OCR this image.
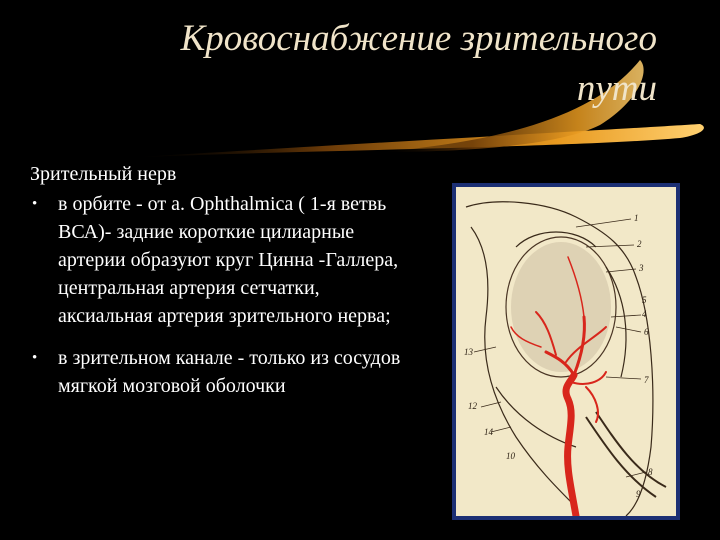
Кровоснабжение зрительного
пути
Зрительный нерв
• в орбите - от а. Ophthalmica ( 1-я ветвь ВСА)- задние короткие цилиарные артерии образуют круг Цинна -Галлера, центральная артерия сетчатки, аксиальная артерия зрительного нерва;
• в зрительном канале - только из сосудов мягкой мозговой оболочки
1
2
3
4
5
6
7
8
9
10
12
13
14
